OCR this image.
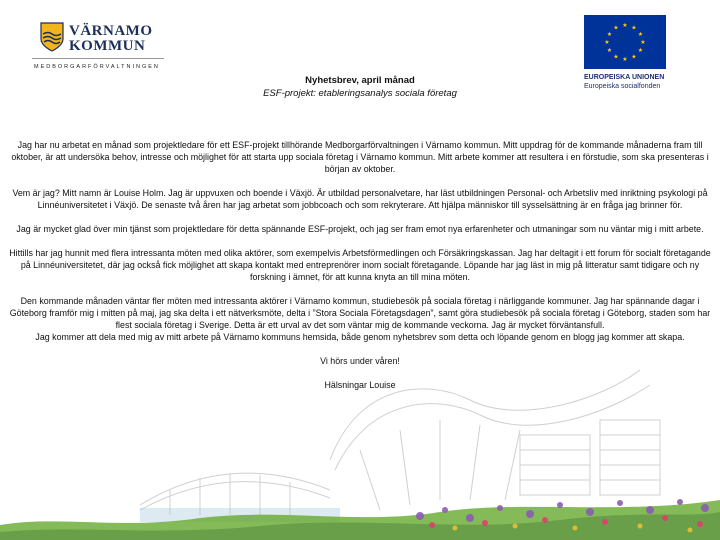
VÄRNAMO
KOMMUN
MEDBORGARFÖRVALTNINGEN
★ ★
★
★
★
★
★
★
★
★
★
★
EUROPEISKA UNIONEN
Europeiska socialfonden
Nyhetsbrev, april månad
ESF-projekt: etableringsanalys sociala företag

Jag har nu arbetat en månad som projektledare för ett ESF-projekt tillhörande Medborgarförvaltningen i Värnamo kommun. Mitt uppdrag för de kommande månaderna fram till oktober, är att undersöka behov, intresse och möjlighet för att starta upp sociala företag i Värnamo kommun. Mitt arbete kommer att resultera i en förstudie, som ska presenteras i början av oktober.

Vem är jag? Mitt namn är Louise Holm. Jag är uppvuxen och boende i Växjö. Är utbildad personalvetare, har läst utbildningen Personal- och Arbetsliv med inriktning psykologi på Linnéuniversitetet i Växjö. De senaste två åren har jag arbetat som jobbcoach och som rekryterare. Att hjälpa människor till sysselsättning är en fråga jag brinner för.

Jag är mycket glad över min tjänst som projektledare för detta spännande ESF-projekt, och jag ser fram emot nya erfarenheter och utmaningar som nu väntar mig i mitt arbete.

Hittills har jag hunnit med flera intressanta möten med olika aktörer, som exempelvis Arbetsförmedlingen och Försäkringskassan. Jag har deltagit i ett forum för socialt företagande på Linnéuniversitetet, där jag också fick möjlighet att skapa kontakt med entreprenörer inom socialt företagande. Löpande har jag läst in mig på litteratur samt tidigare och ny forskning i ämnet, för att kunna knyta an till mina möten.

Den kommande månaden väntar fler möten med intressanta aktörer i Värnamo kommun, studiebesök på sociala företag i närliggande kommuner. Jag har spännande dagar i Göteborg framför mig i mitten på maj, jag ska delta i ett nätverksmöte, delta i ”Stora Sociala Företagsdagen”, samt göra studiebesök på sociala företag i Göteborg, staden som har flest sociala företag i Sverige. Detta är ett urval av det som väntar mig de kommande veckorna. Jag är mycket förväntansfull.

Jag kommer att dela med mig av mitt arbete på Värnamo kommuns hemsida, både genom nyhetsbrev som detta och löpande genom en blogg jag kommer att skapa.

Vi hörs under våren!

Hälsningar Louise
